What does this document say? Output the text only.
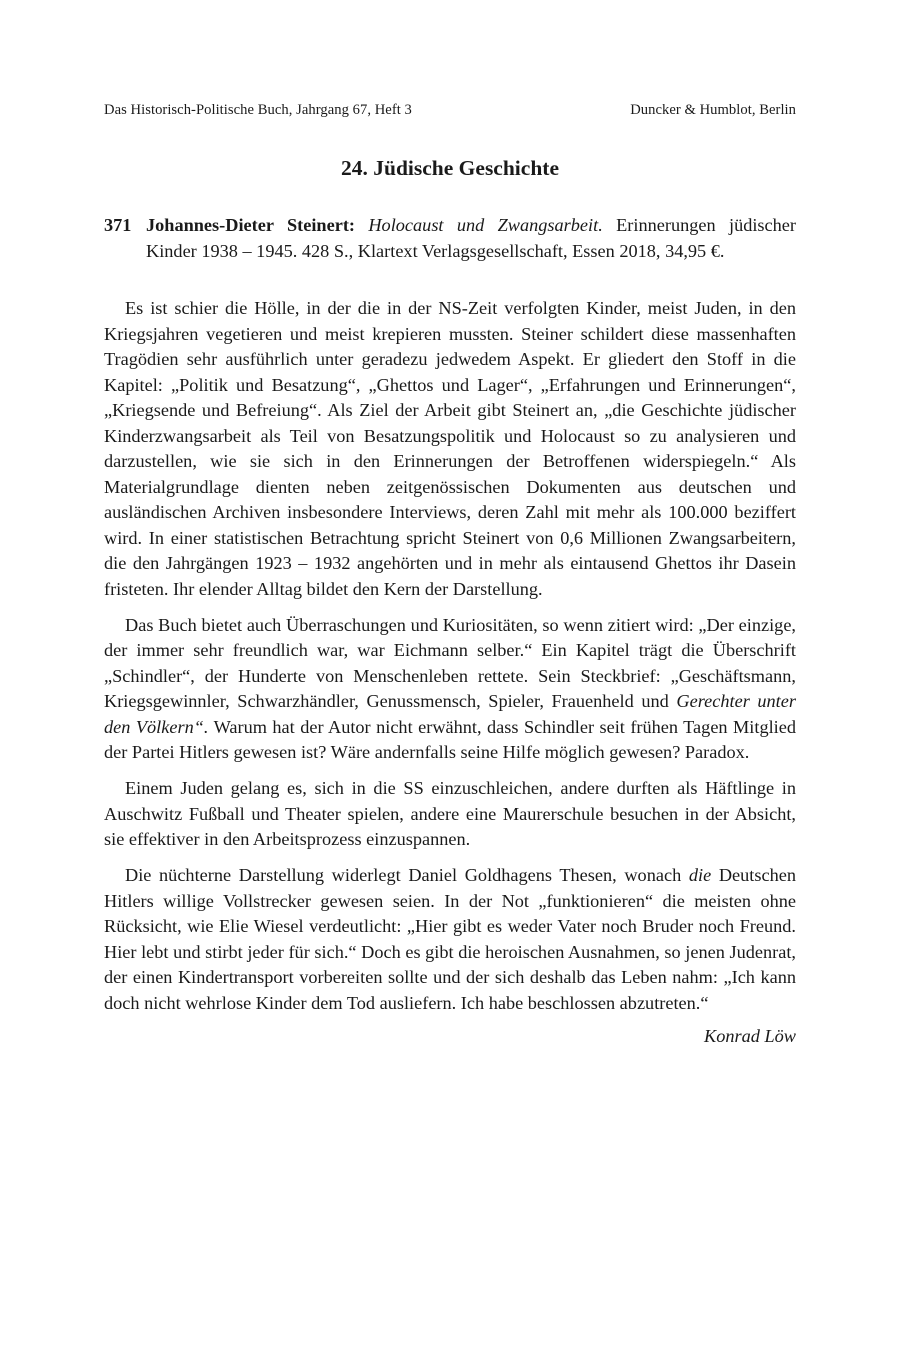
Das Historisch-Politische Buch, Jahrgang 67, Heft 3	Duncker & Humblot, Berlin
24. Jüdische Geschichte
371 Johannes-Dieter Steinert: Holocaust und Zwangsarbeit. Erinnerungen jüdischer Kinder 1938 – 1945. 428 S., Klartext Verlagsgesellschaft, Essen 2018, 34,95 €.

Es ist schier die Hölle, in der die in der NS-Zeit verfolgten Kinder, meist Juden, in den Kriegsjahren vegetieren und meist krepieren mussten. Steiner schildert diese massenhaften Tragödien sehr ausführlich unter geradezu jedwedem Aspekt. Er gliedert den Stoff in die Kapitel: „Politik und Besatzung“, „Ghettos und Lager“, „Erfahrungen und Erinnerungen“, „Kriegsende und Befreiung“. Als Ziel der Arbeit gibt Steinert an, „die Geschichte jüdischer Kinderzwangsarbeit als Teil von Besatzungspolitik und Holocaust so zu analysieren und darzustellen, wie sie sich in den Erinnerungen der Betroffenen widerspiegeln.“ Als Materialgrundlage dienten neben zeitgenössischen Dokumenten aus deutschen und ausländischen Archiven insbesondere Interviews, deren Zahl mit mehr als 100.000 beziffert wird. In einer statistischen Betrachtung spricht Steinert von 0,6 Millionen Zwangsarbeitern, die den Jahrgängen 1923 – 1932 angehörten und in mehr als eintausend Ghettos ihr Dasein fristeten. Ihr elender Alltag bildet den Kern der Darstellung.

Das Buch bietet auch Überraschungen und Kuriositäten, so wenn zitiert wird: „Der einzige, der immer sehr freundlich war, war Eichmann selber.“ Ein Kapitel trägt die Überschrift „Schindler“, der Hunderte von Menschenleben rettete. Sein Steckbrief: „Geschäftsmann, Kriegsgewinnler, Schwarzhändler, Genussmensch, Spieler, Frauenheld und Gerechter unter den Völkern“. Warum hat der Autor nicht erwähnt, dass Schindler seit frühen Tagen Mitglied der Partei Hitlers gewesen ist? Wäre andernfalls seine Hilfe möglich gewesen? Paradox.

Einem Juden gelang es, sich in die SS einzuschleichen, andere durften als Häftlinge in Auschwitz Fußball und Theater spielen, andere eine Maurerschule besuchen in der Absicht, sie effektiver in den Arbeitsprozess einzuspannen.

Die nüchterne Darstellung widerlegt Daniel Goldhagens Thesen, wonach die Deutschen Hitlers willige Vollstrecker gewesen seien. In der Not „funktionieren“ die meisten ohne Rücksicht, wie Elie Wiesel verdeutlicht: „Hier gibt es weder Vater noch Bruder noch Freund. Hier lebt und stirbt jeder für sich.“ Doch es gibt die heroischen Ausnahmen, so jenen Judenrat, der einen Kindertransport vorbereiten sollte und der sich deshalb das Leben nahm: „Ich kann doch nicht wehrlose Kinder dem Tod ausliefern. Ich habe beschlossen abzutreten.“

Konrad Löw
